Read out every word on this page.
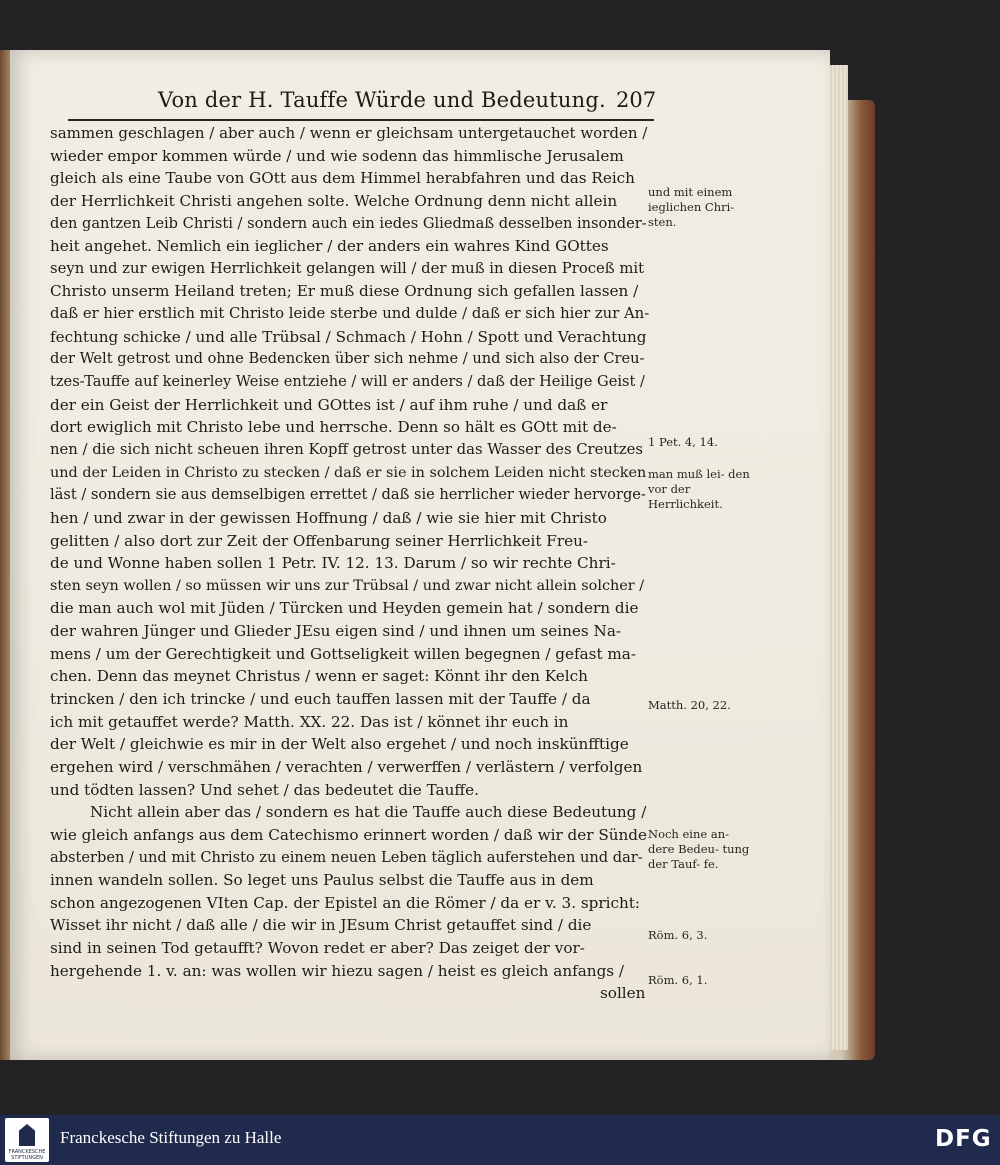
Von der H. Tauffe Würde und Bedeutung. 207
sammen geschlagen / aber auch / wenn er gleichsam untergetauchet worden /
wieder empor kommen würde / und wie sodenn das himmlische Jerusalem
gleich als eine Taube von GOtt aus dem Himmel herabfahren und das Reich
der Herrlichkeit Christi angehen solte. Welche Ordnung denn nicht allein
den gantzen Leib Christi / sondern auch ein iedes Gliedmaß desselben insonder-
heit angehet. Nemlich ein ieglicher / der anders ein wahres Kind GOttes
seyn und zur ewigen Herrlichkeit gelangen will / der muß in diesen Proceß mit
Christo unserm Heiland treten; Er muß diese Ordnung sich gefallen lassen /
daß er hier erstlich mit Christo leide sterbe und dulde / daß er sich hier zur An-
fechtung schicke / und alle Trübsal / Schmach / Hohn / Spott und Verachtung
der Welt getrost und ohne Bedencken über sich nehme / und sich also der Creu-
tzes-Tauffe auf keinerley Weise entziehe / will er anders / daß der Heilige Geist /
der ein Geist der Herrlichkeit und GOttes ist / auf ihm ruhe / und daß er
dort ewiglich mit Christo lebe und herrsche. Denn so hält es GOtt mit de-
nen / die sich nicht scheuen ihren Kopff getrost unter das Wasser des Creutzes
und der Leiden in Christo zu stecken / daß er sie in solchem Leiden nicht stecken
läst / sondern sie aus demselbigen errettet / daß sie herrlicher wieder hervorge-
hen / und zwar in der gewissen Hoffnung / daß / wie sie hier mit Christo
gelitten / also dort zur Zeit der Offenbarung seiner Herrlichkeit Freu-
de und Wonne haben sollen 1 Petr. IV. 12. 13. Darum / so wir rechte Chri-
sten seyn wollen / so müssen wir uns zur Trübsal / und zwar nicht allein solcher /
die man auch wol mit Jüden / Türcken und Heyden gemein hat / sondern die
der wahren Jünger und Glieder JEsu eigen sind / und ihnen um seines Na-
mens / um der Gerechtigkeit und Gottseligkeit willen begegnen / gefast ma-
chen. Denn das meynet Christus / wenn er saget: Könnt ihr den Kelch
trincken / den ich trincke / und euch tauffen lassen mit der Tauffe / da
ich mit getauffet werde? Matth. XX. 22. Das ist / könnet ihr euch in
der Welt / gleichwie es mir in der Welt also ergehet / und noch inskünfftige
ergehen wird / verschmähen / verachten / verwerffen / verlästern / verfolgen
und tödten lassen? Und sehet / das bedeutet die Tauffe.
Nicht allein aber das / sondern es hat die Tauffe auch diese Bedeutung /
wie gleich anfangs aus dem Catechismo erinnert worden / daß wir der Sünde
absterben / und mit Christo zu einem neuen Leben täglich auferstehen und dar-
innen wandeln sollen. So leget uns Paulus selbst die Tauffe aus in dem
schon angezogenen VIten Cap. der Epistel an die Römer / da er v. 3. spricht:
Wisset ihr nicht / daß alle / die wir in JEsum Christ getauffet sind / die
sind in seinen Tod getaufft? Wovon redet er aber? Das zeiget der vor-
hergehende 1. v. an: was wollen wir hiezu sagen / heist es gleich anfangs /
sollen
und mit einem ieglichen Chri- sten.
1 Pet. 4, 14.
man muß lei- den vor der Herrlichkeit.
Matth. 20, 22.
Noch eine an- dere Bedeu- tung der Tauf- fe.
Röm. 6, 3.
Röm. 6, 1.
FRANCKESCHE STIFTUNGEN
Franckesche Stiftungen zu Halle	DFG
